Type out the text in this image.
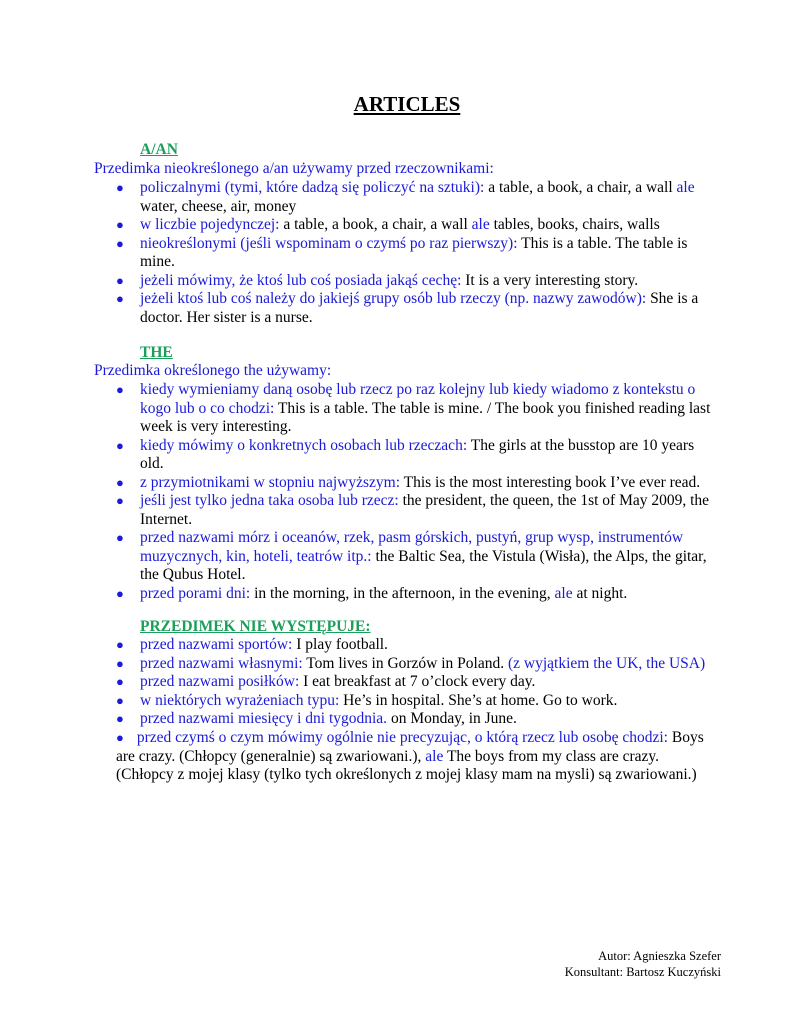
ARTICLES
A/AN
Przedimka nieokreślonego a/an używamy przed rzeczownikami:
● policzalnymi (tymi, które dadzą się policzyć na sztuki): a table, a book, a chair, a wall ale water, cheese, air, money
● w liczbie pojedynczej: a table, a book, a chair, a wall ale tables, books, chairs, walls
● nieokreślonymi (jeśli wspominam o czymś po raz pierwszy): This is a table. The table is mine.
● jeżeli mówimy, że ktoś lub coś posiada jakąś cechę: It is a very interesting story.
● jeżeli ktoś lub coś należy do jakiejś grupy osób lub rzeczy (np. nazwy zawodów): She is a doctor. Her sister is a nurse.
THE
Przedimka określonego the używamy:
● kiedy wymieniamy daną osobę lub rzecz po raz kolejny lub kiedy wiadomo z kontekstu o kogo lub o co chodzi: This is a table. The table is mine. / The book you finished reading last week is very interesting.
● kiedy mówimy o konkretnych osobach lub rzeczach: The girls at the busstop are 10 years old.
● z przymiotnikami w stopniu najwyższym: This is the most interesting book I’ve ever read.
● jeśli jest tylko jedna taka osoba lub rzecz: the president, the queen, the 1st of May 2009, the Internet.
● przed nazwami mórz i oceanów, rzek, pasm górskich, pustyń, grup wysp, instrumentów muzycznych, kin, hoteli, teatrów itp.: the Baltic Sea, the Vistula (Wisła), the Alps, the gitar, the Qubus Hotel.
● przed porami dni: in the morning, in the afternoon, in the evening, ale at night.
PRZEDIMEK NIE WYSTĘPUJE:
● przed nazwami sportów: I play football.
● przed nazwami własnymi: Tom lives in Gorzów in Poland. (z wyjątkiem the UK, the USA)
● przed nazwami posiłków: I eat breakfast at 7 o’clock every day.
● w niektórych wyrażeniach typu: He’s in hospital. She’s at home. Go to work.
● przed nazwami miesięcy i dni tygodnia. on Monday, in June.
● przed czymś o czym mówimy ogólnie nie precyzując, o którą rzecz lub osobę chodzi: Boys are crazy. (Chłopcy (generalnie) są zwariowani.), ale The boys from my class are crazy. (Chłopcy z mojej klasy (tylko tych określonych z mojej klasy mam na mysli) są zwariowani.)
Autor: Agnieszka Szefer
Konsultant: Bartosz Kuczyński
